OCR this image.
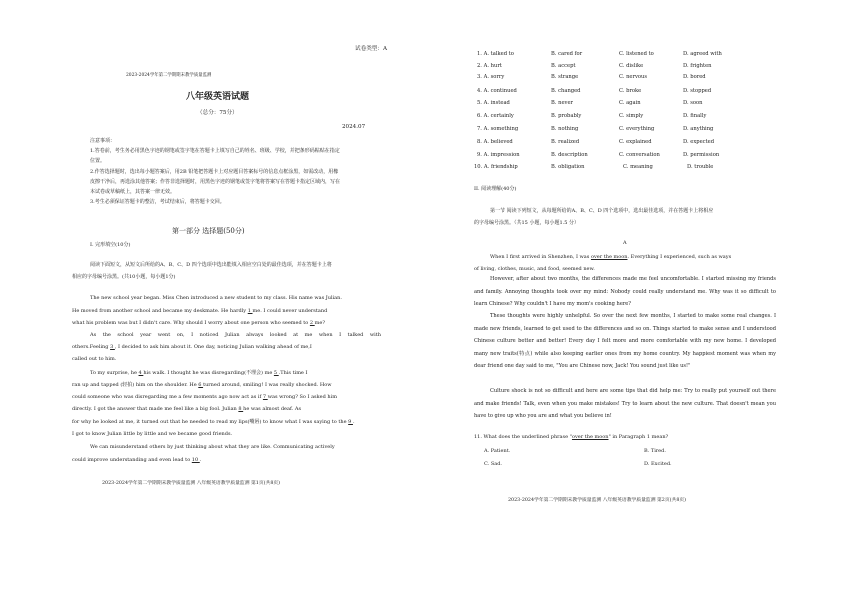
试卷类型：A
2023-2024学年第二学期期末教学质量监测
八年级英语试题
（总分：75分）
2024.07
注意事项：
1.答卷前，考生务必用黑色字迹的钢笔或签字笔在答题卡上填写自己的姓名、班级、学校，并把条形码粘贴在指定
位置。
2.作答选择题时，选出每小题答案后，用2B 铅笔把答题卡上对应题目答案标号的信息点框涂黑，如需改动，用橡
皮擦干净后，再选涂其他答案；作答非选择题时，用黑色字迹的钢笔或签字笔将答案写在答题卡指定区域内，写在
本试卷或草稿纸上，其答案一律无效。
3.考生必须保证答题卡的整洁，考试结束后，将答题卡交回。
第一部分 选择题(50分)
I. 完形填空(10分)
阅读下面短文，从短文后所给的A、B、C、D 四个选项中选出能填入相应空白处的最佳选项，并在答题卡上将
相应的字母编号涂黑。(共10小题，每小题1分)
The new school year began. Miss Chen introduced a new student to my class. His name was Julian.
He moved from another school and became my deskmate. He hardly 1 me. I could never understand
what his problem was but I didn't care. Why should I worry about one person who seemed to 2 me?
As the school year went on, I noticed Julian always looked at me when I talked with
others.Feeling 3 , I decided to ask him about it. One day, noticing Julian walking ahead of me,I
called out to him.
To my surprise, he 4 his walk. I thought he was disregarding(不理会) me 5 .This time I
ran up and tapped (轻拍) him on the shoulder. He 6 turned around, smiling! I was really shocked. How
could someone who was disregarding me a few moments ago now act as if 7 was wrong? So I asked him
directly. I got the answer that made me feel like a big fool. Julian 8 he was almost deaf. As
for why he looked at me, it turned out that he needed to read my lips(嘴唇) to know what I was saying to the 9 .
I got to know Julian little by little and we became good friends.
We can misunderstand others by just thinking about what they are like. Communicating actively
could improve understanding and even lead to 10 .
2023-2024学年第二学期期末教学质量监测 八年级英语教学质量监测 第1页(共8页)
1. A. talked to	B. cared for	C. listened to	D. agreed with
2. A. hurt	B. accept	C. dislike	D. frighten
3. A. sorry	B. strange	C. nervous	D. bored
4. A. continued	B. changed	C. broke	D. stopped
5. A. instead	B. never	C. again	D. soon
6. A. certainly	B. probably	C. simply	D. finally
7. A. something	B. nothing	C. everything	D. anything
8. A. believed	B. realized	C. explained	D. expected
9. A. impression	B. description	C. conversation	D. permission
10. A. friendship	B. obligation	C. meaning	D. trouble
II. 阅读理解(40分)
第一节 阅读下列短文，从每题所给的A、B、C、D 四个选项中，选出最佳选项，并在答题卡上将相应
的字母编号涂黑。（共15 小题，每小题1.5 分）
A
When I first arrived in Shenzhen, I was over the moon. Everything I experienced, such as ways
of living, clothes, music, and food, seemed new.
However, after about two months, the differences made me feel uncomfortable. I started missing my friends and family. Annoying thoughts took over my mind: Nobody could really understand me. Why was it so difficult to learn Chinese? Why couldn't I have my mom's cooking here?
These thoughts were highly unhelpful. So over the next few months, I started to make some real changes. I made new friends, learned to get used to the differences and so on. Things started to make sense and I understood Chinese culture better and better! Every day I felt more and more comfortable with my new home. I developed many new traits(特点) while also keeping earlier ones from my home country. My happiest moment was when my dear friend one day said to me, "You are Chinese now, Jack! You sound just like us!"
Culture shock is not so difficult and here are some tips that did help me: Try to really put yourself out there and make friends! Talk, even when you make mistakes! Try to learn about the new culture. That doesn't mean you have to give up who you are and what you believe in!
11. What does the underlined phrase "over the moon" in Paragraph 1 mean?
A. Patient.	B. Tired.
C. Sad.	D. Excited.
2023-2024学年第二学期期末教学质量监测 八年级英语教学质量监测 第2页(共8页)
